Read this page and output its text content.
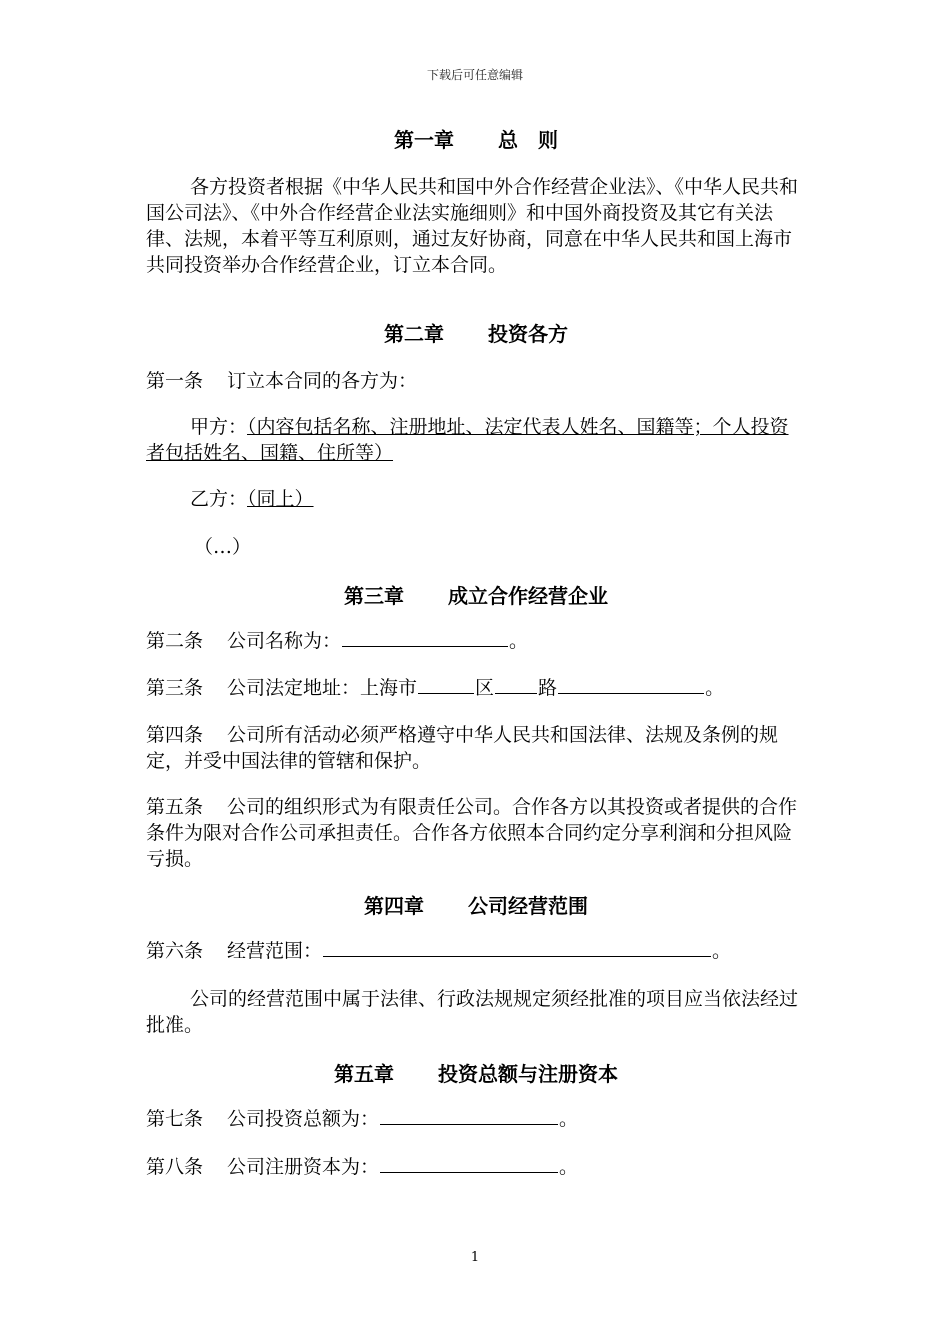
下载后可任意编辑
第一章 总　则
各方投资者根据《中华人民共和国中外合作经营企业法》、《中华人民共和国公司法》、《中外合作经营企业法实施细则》和中国外商投资及其它有关法律、法规，本着平等互利原则，通过友好协商，同意在中华人民共和国上海市共同投资举办合作经营企业，订立本合同。
第二章 投资各方
第一条 订立本合同的各方为：
甲方：（内容包括名称、注册地址、法定代表人姓名、国籍等；个人投资者包括姓名、国籍、住所等）
乙方：（同上）
（…）
第三章 成立合作经营企业
第二条 公司名称为：	。
第三条 公司法定地址：上海市	区 路	。
第四条 公司所有活动必须严格遵守中华人民共和国法律、法规及条例的规定，并受中国法律的管辖和保护。
第五条 公司的组织形式为有限责任公司。合作各方以其投资或者提供的合作条件为限对合作公司承担责任。合作各方依照本合同约定分享利润和分担风险亏损。
第四章 公司经营范围
第六条 经营范围：	。
公司的经营范围中属于法律、行政法规规定须经批准的项目应当依法经过批准。
第五章 投资总额与注册资本
第七条 公司投资总额为：	。
第八条 公司注册资本为：	。
1
